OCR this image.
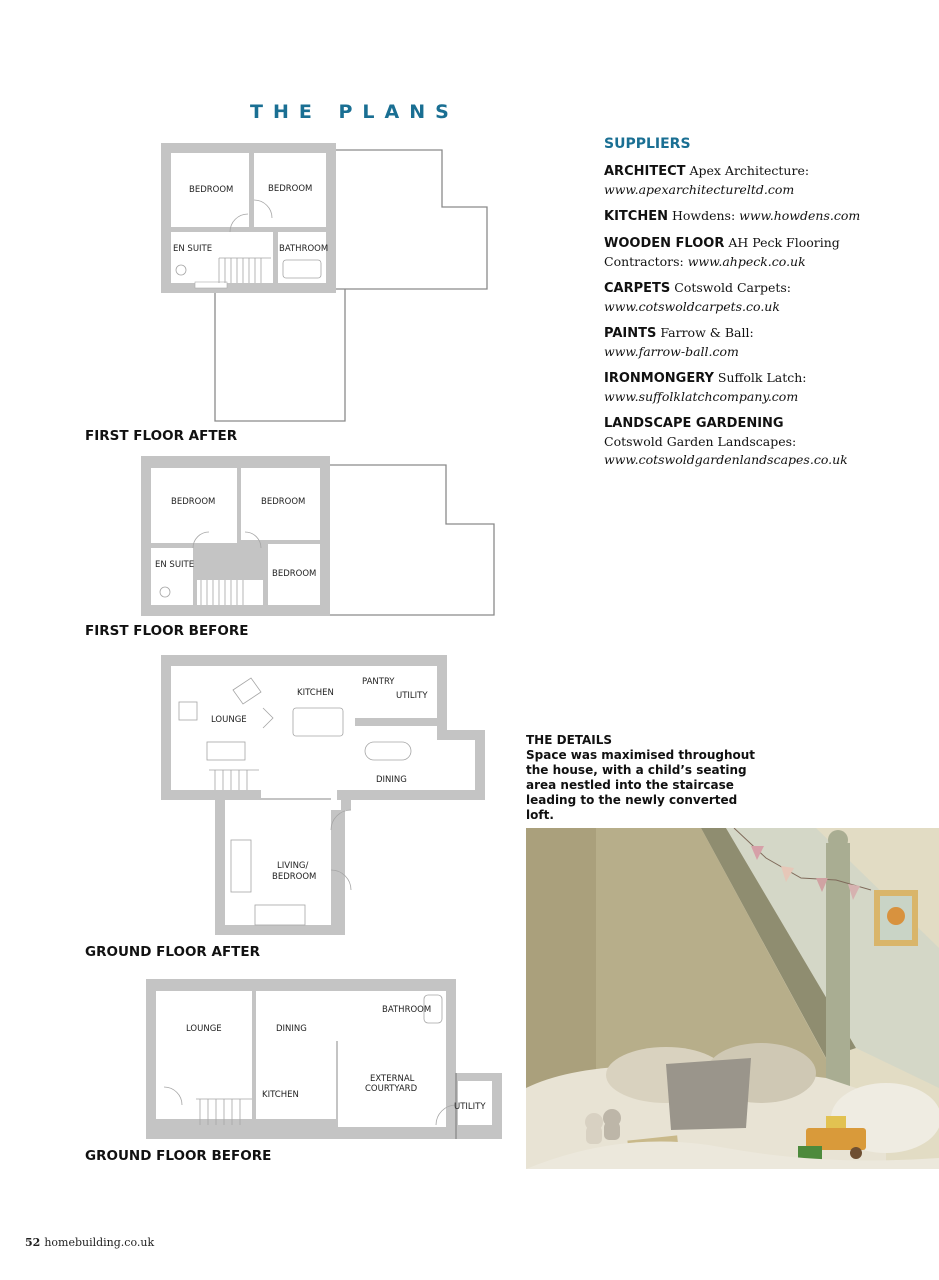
THE PLANS
BEDROOM	BEDROOM
EN SUITE	BATHROOM
FIRST FLOOR AFTER
BEDROOM	BEDROOM
EN SUITE
BEDROOM
FIRST FLOOR BEFORE
KITCHEN
PANTRY
UTILITY
LOUNGE
DINING
LIVING/
BEDROOM
GROUND FLOOR AFTER
LOUNGE	DINING
BATHROOM
EXTERNAL
COURTYARD
KITCHEN
UTILITY
GROUND FLOOR BEFORE
SUPPLIERS
ARCHITECT Apex Architecture:
www.apexarchitectureltd.com
KITCHEN Howdens: www.howdens.com
WOODEN FLOOR AH Peck Flooring Contractors: www.ahpeck.co.uk
CARPETS Cotswold Carpets:
www.cotswoldcarpets.co.uk
PAINTS Farrow & Ball:
www.farrow-ball.com
IRONMONGERY Suffolk Latch:
www.suffolklatchcompany.com
LANDSCAPE GARDENING
Cotswold Garden Landscapes:
www.cotswoldgardenlandscapes.co.uk
THE DETAILS
Space was maximised throughout the house, with a child’s seating area nestled into the staircase leading to the newly converted loft.
52 homebuilding.co.uk
